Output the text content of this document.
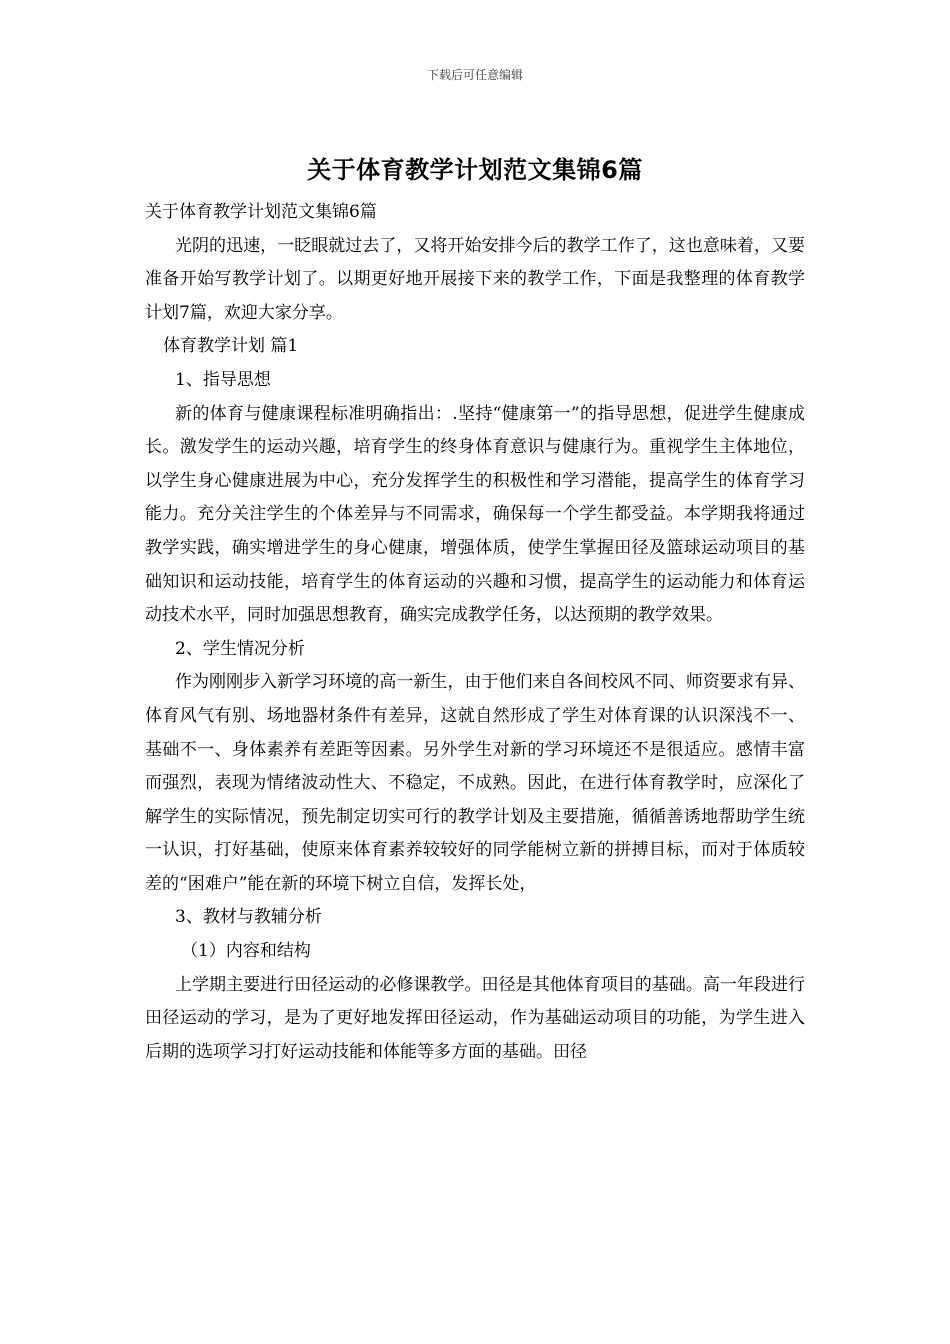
下载后可任意编辑
关于体育教学计划范文集锦6篇

关于体育教学计划范文集锦6篇

光阴的迅速，一眨眼就过去了，又将开始安排今后的教学工作了，这也意味着，又要准备开始写教学计划了。以期更好地开展接下来的教学工作，下面是我整理的体育教学计划7篇，欢迎大家分享。

体育教学计划 篇1

1、指导思想

新的体育与健康课程标准明确指出：.坚持“健康第一”的指导思想，促进学生健康成长。激发学生的运动兴趣，培育学生的终身体育意识与健康行为。重视学生主体地位，以学生身心健康进展为中心，充分发挥学生的积极性和学习潜能，提高学生的体育学习能力。充分关注学生的个体差异与不同需求，确保每一个学生都受益。本学期我将通过教学实践，确实增进学生的身心健康，增强体质，使学生掌握田径及篮球运动项目的基础知识和运动技能，培育学生的体育运动的兴趣和习惯，提高学生的运动能力和体育运动技术水平，同时加强思想教育，确实完成教学任务，以达预期的教学效果。

2、学生情况分析

作为刚刚步入新学习环境的高一新生，由于他们来自各间校风不同、师资要求有异、体育风气有别、场地器材条件有差异，这就自然形成了学生对体育课的认识深浅不一、基础不一、身体素养有差距等因素。另外学生对新的学习环境还不是很适应。感情丰富而强烈，表现为情绪波动性大、不稳定，不成熟。因此，在进行体育教学时，应深化了解学生的实际情况，预先制定切实可行的教学计划及主要措施，循循善诱地帮助学生统一认识，打好基础，使原来体育素养较较好的同学能树立新的拼搏目标，而对于体质较差的“困难户”能在新的环境下树立自信，发挥长处，

3、教材与教辅分析

（1）内容和结构

上学期主要进行田径运动的必修课教学。田径是其他体育项目的基础。高一年段进行田径运动的学习，是为了更好地发挥田径运动，作为基础运动项目的功能，为学生进入后期的选项学习打好运动技能和体能等多方面的基础。田径
